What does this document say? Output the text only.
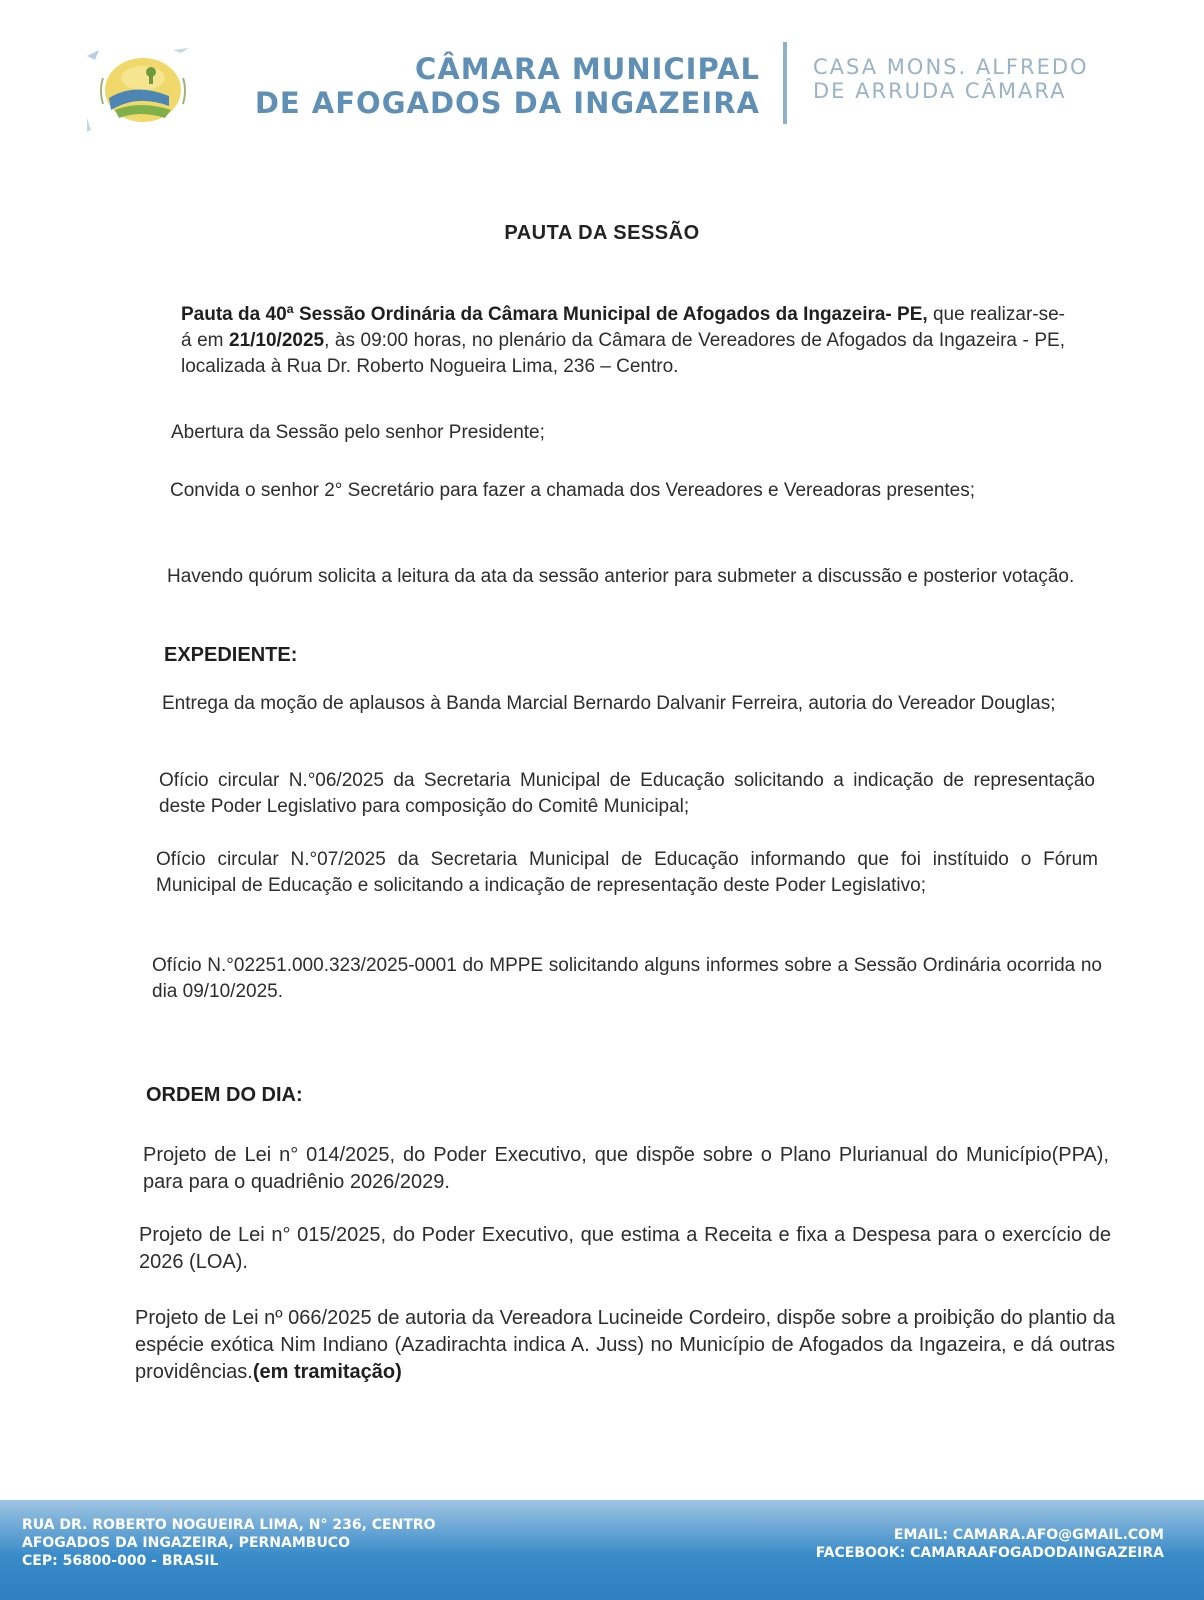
CÂMARA MUNICIPAL
DE AFOGADOS DA INGAZEIRA
CASA MONS. ALFREDO
DE ARRUDA CÂMARA
PAUTA DA SESSÃO
Pauta da 40ª Sessão Ordinária da Câmara Municipal de Afogados da Ingazeira- PE, que realizar-se-á em 21/10/2025, às 09:00 horas, no plenário da Câmara de Vereadores de Afogados da Ingazeira - PE, localizada à Rua Dr. Roberto Nogueira Lima, 236 – Centro.
Abertura da Sessão pelo senhor Presidente;
Convida o senhor 2° Secretário para fazer a chamada dos Vereadores e Vereadoras presentes;
Havendo quórum solicita a leitura da ata da sessão anterior para submeter a discussão e posterior votação.
EXPEDIENTE:
Entrega da moção de aplausos à Banda Marcial Bernardo Dalvanir Ferreira, autoria do Vereador Douglas;
Ofício circular N.°06/2025 da Secretaria Municipal de Educação solicitando a indicação de representação deste Poder Legislativo para composição do Comitê Municipal;
Ofício circular N.°07/2025 da Secretaria Municipal de Educação informando que foi instítuido o Fórum Municipal de Educação e solicitando a indicação de representação deste Poder Legislativo;
Ofício N.°02251.000.323/2025-0001 do MPPE solicitando alguns informes sobre a Sessão Ordinária ocorrida no dia 09/10/2025.
ORDEM DO DIA:
Projeto de Lei n° 014/2025, do Poder Executivo, que dispõe sobre o Plano Plurianual do Município(PPA), para para o quadriênio 2026/2029.
Projeto de Lei n° 015/2025, do Poder Executivo, que estima a Receita e fixa a Despesa para o exercício de 2026 (LOA).
Projeto de Lei nº 066/2025 de autoria da Vereadora Lucineide Cordeiro, dispõe sobre a proibição do plantio da espécie exótica Nim Indiano (Azadirachta indica A. Juss) no Município de Afogados da Ingazeira, e dá outras providências.(em tramitação)
RUA DR. ROBERTO NOGUEIRA LIMA, N° 236, CENTRO
AFOGADOS DA INGAZEIRA, PERNAMBUCO
CEP: 56800-000 - BRASIL
EMAIL: CAMARA.AFO@GMAIL.COM
FACEBOOK: CAMARAAFOGADODAINGAZEIRA
